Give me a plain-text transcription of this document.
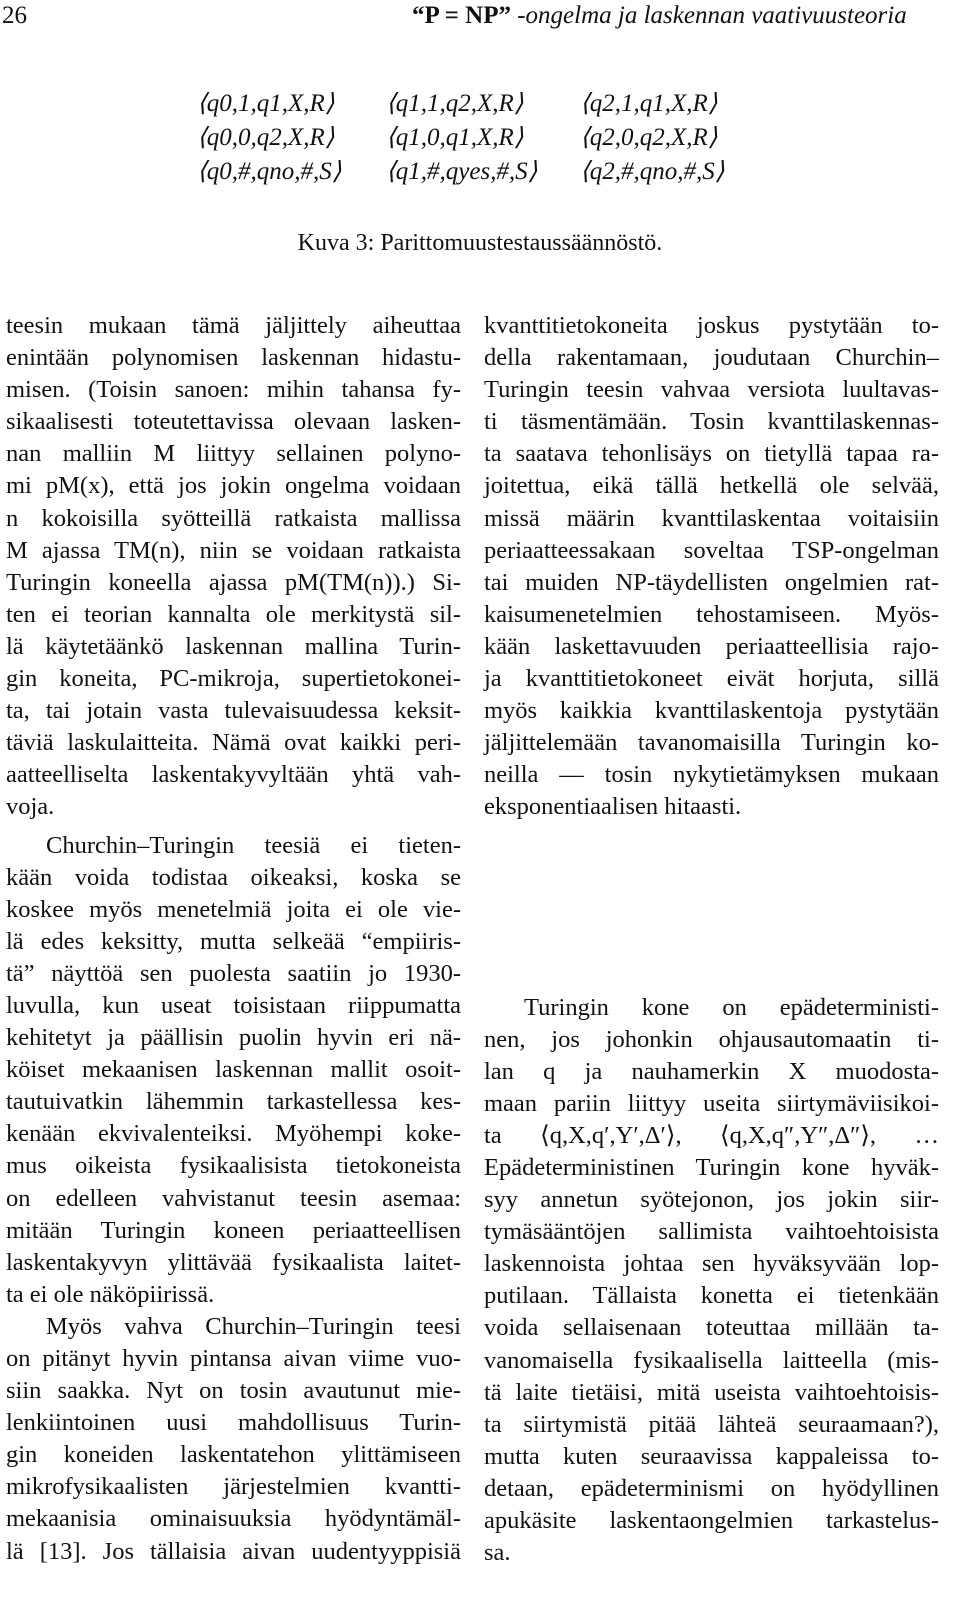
26	“P = NP” -ongelma ja laskennan vaativuusteoria
⟨q0,1,q1,X,R⟩ ⟨q1,1,q2,X,R⟩ ⟨q2,1,q1,X,R⟩
⟨q0,0,q2,X,R⟩ ⟨q1,0,q1,X,R⟩ ⟨q2,0,q2,X,R⟩
⟨q0,#,qno,#,S⟩ ⟨q1,#,qyes,#,S⟩ ⟨q2,#,qno,#,S⟩
Kuva 3: Parittomuustestaussäännöstö.
teesin mukaan tämä jäljittely aiheuttaa
enintään polynomisen laskennan hidastu-
misen. (Toisin sanoen: mihin tahansa fy-
sikaalisesti toteutettavissa olevaan lasken-
nan malliin M liittyy sellainen polyno-
mi pM(x), että jos jokin ongelma voidaan
n kokoisilla syötteillä ratkaista mallissa
M ajassa TM(n), niin se voidaan ratkaista
Turingin koneella ajassa pM(TM(n)).) Si-
ten ei teorian kannalta ole merkitystä sil-
lä käytetäänkö laskennan mallina Turin-
gin koneita, PC-mikroja, supertietokonei-
ta, tai jotain vasta tulevaisuudessa keksit-
täviä laskulaitteita. Nämä ovat kaikki peri-
aatteelliselta laskentakyvyltään yhtä vah-
voja.
Churchin–Turingin teesiä ei tieten-
kään voida todistaa oikeaksi, koska se
koskee myös menetelmiä joita ei ole vie-
lä edes keksitty, mutta selkeää “empiiris-
tä” näyttöä sen puolesta saatiin jo 1930-
luvulla, kun useat toisistaan riippumatta
kehitetyt ja päällisin puolin hyvin eri nä-
köiset mekaanisen laskennan mallit osoit-
tautuivatkin lähemmin tarkastellessa kes-
kenään ekvivalenteiksi. Myöhempi koke-
mus oikeista fysikaalisista tietokoneista
on edelleen vahvistanut teesin asemaa:
mitään Turingin koneen periaatteellisen
laskentakyvyn ylittävää fysikaalista laitet-
ta ei ole näköpiirissä.
Myös vahva Churchin–Turingin teesi
on pitänyt hyvin pintansa aivan viime vuo-
siin saakka. Nyt on tosin avautunut mie-
lenkiintoinen uusi mahdollisuus Turin-
gin koneiden laskentatehon ylittämiseen
mikrofysikaalisten järjestelmien kvantti-
mekaanisia ominaisuuksia hyödyntämäl-
lä [13]. Jos tällaisia aivan uudentyyppisiä
kvanttitietokoneita joskus pystytään to-
della rakentamaan, joudutaan Churchin–
Turingin teesin vahvaa versiota luultavas-
ti täsmentämään. Tosin kvanttilaskennas-
ta saatava tehonlisäys on tietyllä tapaa ra-
joitettua, eikä tällä hetkellä ole selvää,
missä määrin kvanttilaskentaa voitaisiin
periaatteessakaan soveltaa TSP-ongelman
tai muiden NP-täydellisten ongelmien rat-
kaisumenetelmien tehostamiseen. Myös-
kään laskettavuuden periaatteellisia rajo-
ja kvanttitietokoneet eivät horjuta, sillä
myös kaikkia kvanttilaskentoja pystytään
jäljittelemään tavanomaisilla Turingin ko-
neilla — tosin nykytietämyksen mukaan
eksponentiaalisen hitaasti.
Turingin kone on epädeterministi-
nen, jos johonkin ohjausautomaatin ti-
lan q ja nauhamerkin X muodosta-
maan pariin liittyy useita siirtymäviisikoi-
ta ⟨q,X,q′,Y′,Δ′⟩, ⟨q,X,q″,Y″,Δ″⟩, …
Epädeterministinen Turingin kone hyväk-
syy annetun syötejonon, jos jokin siir-
tymäsääntöjen sallimista vaihtoehtoisista
laskennoista johtaa sen hyväksyvään lop-
putilaan. Tällaista konetta ei tietenkään
voida sellaisenaan toteuttaa millään ta-
vanomaisella fysikaalisella laitteella (mis-
tä laite tietäisi, mitä useista vaihtoehtoisis-
ta siirtymistä pitää lähteä seuraamaan?),
mutta kuten seuraavissa kappaleissa to-
detaan, epädeterminismi on hyödyllinen
apukäsite laskentaongelmien tarkastelus-
sa.
